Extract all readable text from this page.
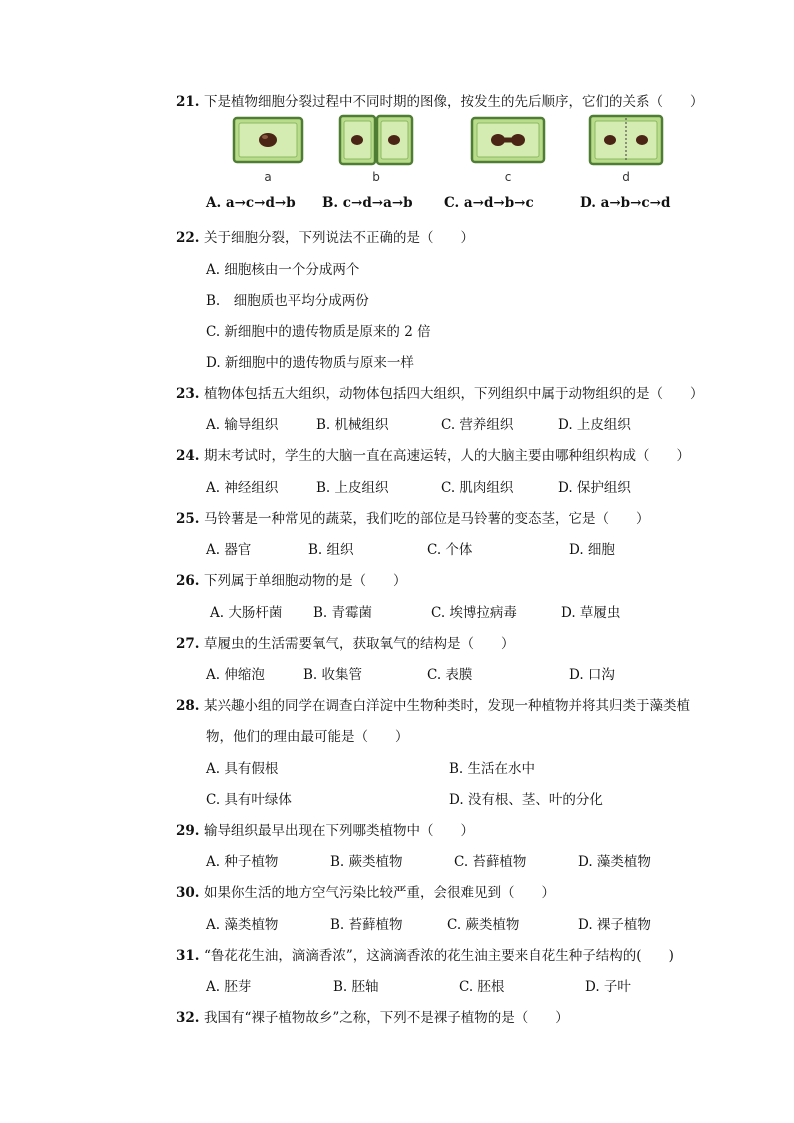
21. 下是植物细胞分裂过程中不同时期的图像，按发生的先后顺序，它们的关系（　　）
a	b	c	d
A. a→c→d→b B. c→d→a→b C. a→d→b→c	D. a→b→c→d
22. 关于细胞分裂，下列说法不正确的是（　　）
A. 细胞核由一个分成两个
B.　细胞质也平均分成两份
C. 新细胞中的遗传物质是原来的 2 倍
D. 新细胞中的遗传物质与原来一样
23. 植物体包括五大组织，动物体包括四大组织，下列组织中属于动物组织的是（　　）
A. 输导组织	B. 机械组织	C. 营养组织	D. 上皮组织
24. 期末考试时，学生的大脑一直在高速运转，人的大脑主要由哪种组织构成（　　）
A. 神经组织	B. 上皮组织	C. 肌肉组织	D. 保护组织
25. 马铃薯是一种常见的蔬菜，我们吃的部位是马铃薯的变态茎，它是（　　）
A. 器官	B. 组织	C. 个体	D. 细胞
26. 下列属于单细胞动物的是（　　）
A. 大肠杆菌 B. 青霉菌	C. 埃博拉病毒	D. 草履虫
27. 草履虫的生活需要氧气，获取氧气的结构是（　　）
A. 伸缩泡	B. 收集管	C. 表膜	D. 口沟
28. 某兴趣小组的同学在调查白洋淀中生物种类时，发现一种植物并将其归类于藻类植
物，他们的理由最可能是（　　）
A. 具有假根	B. 生活在水中
C. 具有叶绿体	D. 没有根、茎、叶的分化
29. 输导组织最早出现在下列哪类植物中（　　）
A. 种子植物	B. 蕨类植物	C. 苔藓植物	D. 藻类植物
30. 如果你生活的地方空气污染比较严重，会很难见到（　　）
A. 藻类植物	B. 苔藓植物	C. 蕨类植物	D. 裸子植物
31. “鲁花花生油，滴滴香浓”，这滴滴香浓的花生油主要来自花生种子结构的(　　)
A. 胚芽	B. 胚轴	C. 胚根	D. 子叶
32. 我国有“裸子植物故乡”之称，下列不是裸子植物的是（　　）
